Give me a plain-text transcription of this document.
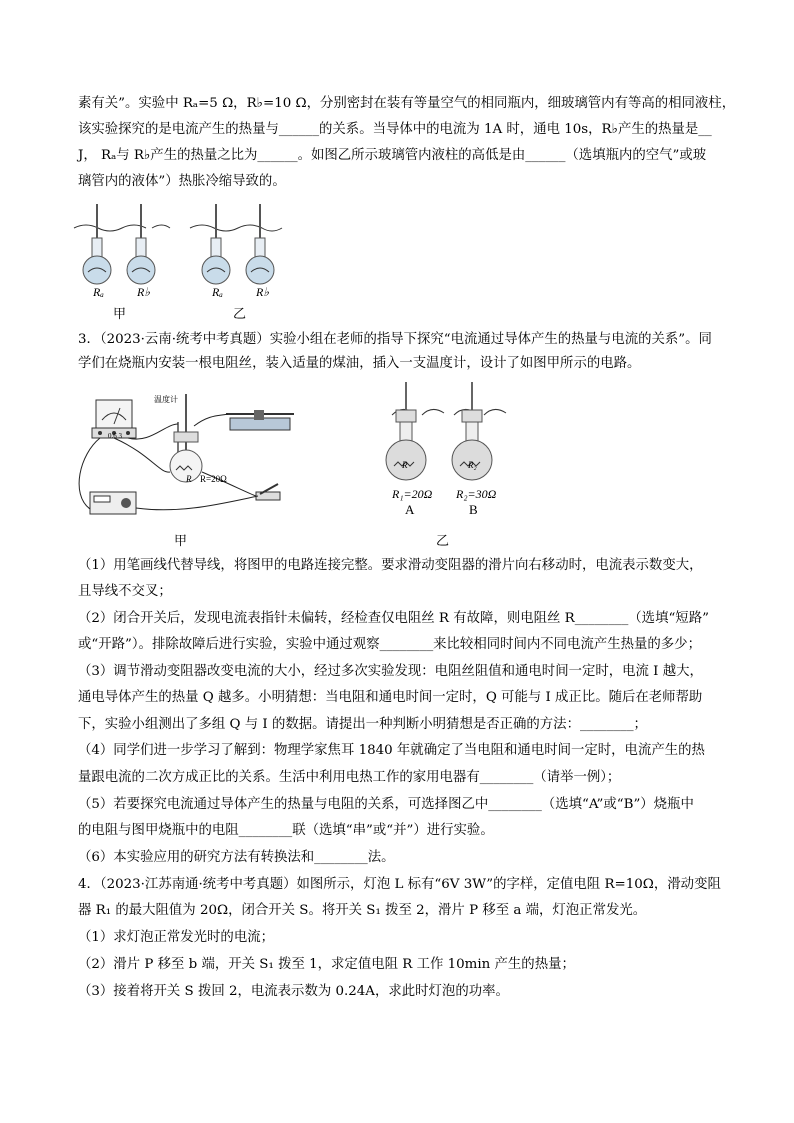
素有关”。实验中 Rₐ=5 Ω，R♭=10 Ω，分别密封在装有等量空气的相同瓶内，细玻璃管内有等高的相同液柱，
该实验探究的是电流产生的热量与______的关系。当导体中的电流为 1A 时，通电 10s，R♭产生的热量是__
J， Rₐ与 R♭产生的热量之比为______。如图乙所示玻璃管内液柱的高低是由______（选填瓶内的空气”或玻
璃管内的液体”）热胀冷缩导致的。
Rₐ	R♭	Rₐ	R♭
甲	乙
3．（2023·云南·统考中考真题）实验小组在老师的指导下探究“电流通过导体产生的热量与电流的关系”。同
学们在烧瓶内安装一根电阻丝，装入适量的煤油，插入一支温度计，设计了如图甲所示的电路。
温度计
0.6 3
R R=20Ω
甲
R	R₂
R₁=20Ω R₂=30Ω
A	B
乙
（1）用笔画线代替导线，将图甲的电路连接完整。要求滑动变阻器的滑片向右移动时，电流表示数变大，
且导线不交叉；
（2）闭合开关后，发现电流表指针未偏转，经检查仅电阻丝 R 有故障，则电阻丝 R________（选填“短路”
或“开路”）。排除故障后进行实验，实验中通过观察________来比较相同时间内不同电流产生热量的多少；
（3）调节滑动变阻器改变电流的大小，经过多次实验发现：电阻丝阻值和通电时间一定时，电流 I 越大，
通电导体产生的热量 Q 越多。小明猜想：当电阻和通电时间一定时，Q 可能与 I 成正比。随后在老师帮助
下，实验小组测出了多组 Q 与 I 的数据。请提出一种判断小明猜想是否正确的方法：________；
（4）同学们进一步学习了解到：物理学家焦耳 1840 年就确定了当电阻和通电时间一定时，电流产生的热
量跟电流的二次方成正比的关系。生活中利用电热工作的家用电器有________（请举一例）；
（5）若要探究电流通过导体产生的热量与电阻的关系，可选择图乙中________（选填“A”或“B”）烧瓶中
的电阻与图甲烧瓶中的电阻________联（选填“串”或“并”）进行实验。
（6）本实验应用的研究方法有转换法和________法。
4．（2023·江苏南通·统考中考真题）如图所示，灯泡 L 标有“6V 3W”的字样，定值电阻 R=10Ω，滑动变阻
器 R₁ 的最大阻值为 20Ω，闭合开关 S。将开关 S₁ 拨至 2，滑片 P 移至 a 端，灯泡正常发光。
（1）求灯泡正常发光时的电流；
（2）滑片 P 移至 b 端，开关 S₁ 拨至 1，求定值电阻 R 工作 10min 产生的热量；
（3）接着将开关 S 拨回 2，电流表示数为 0.24A，求此时灯泡的功率。
